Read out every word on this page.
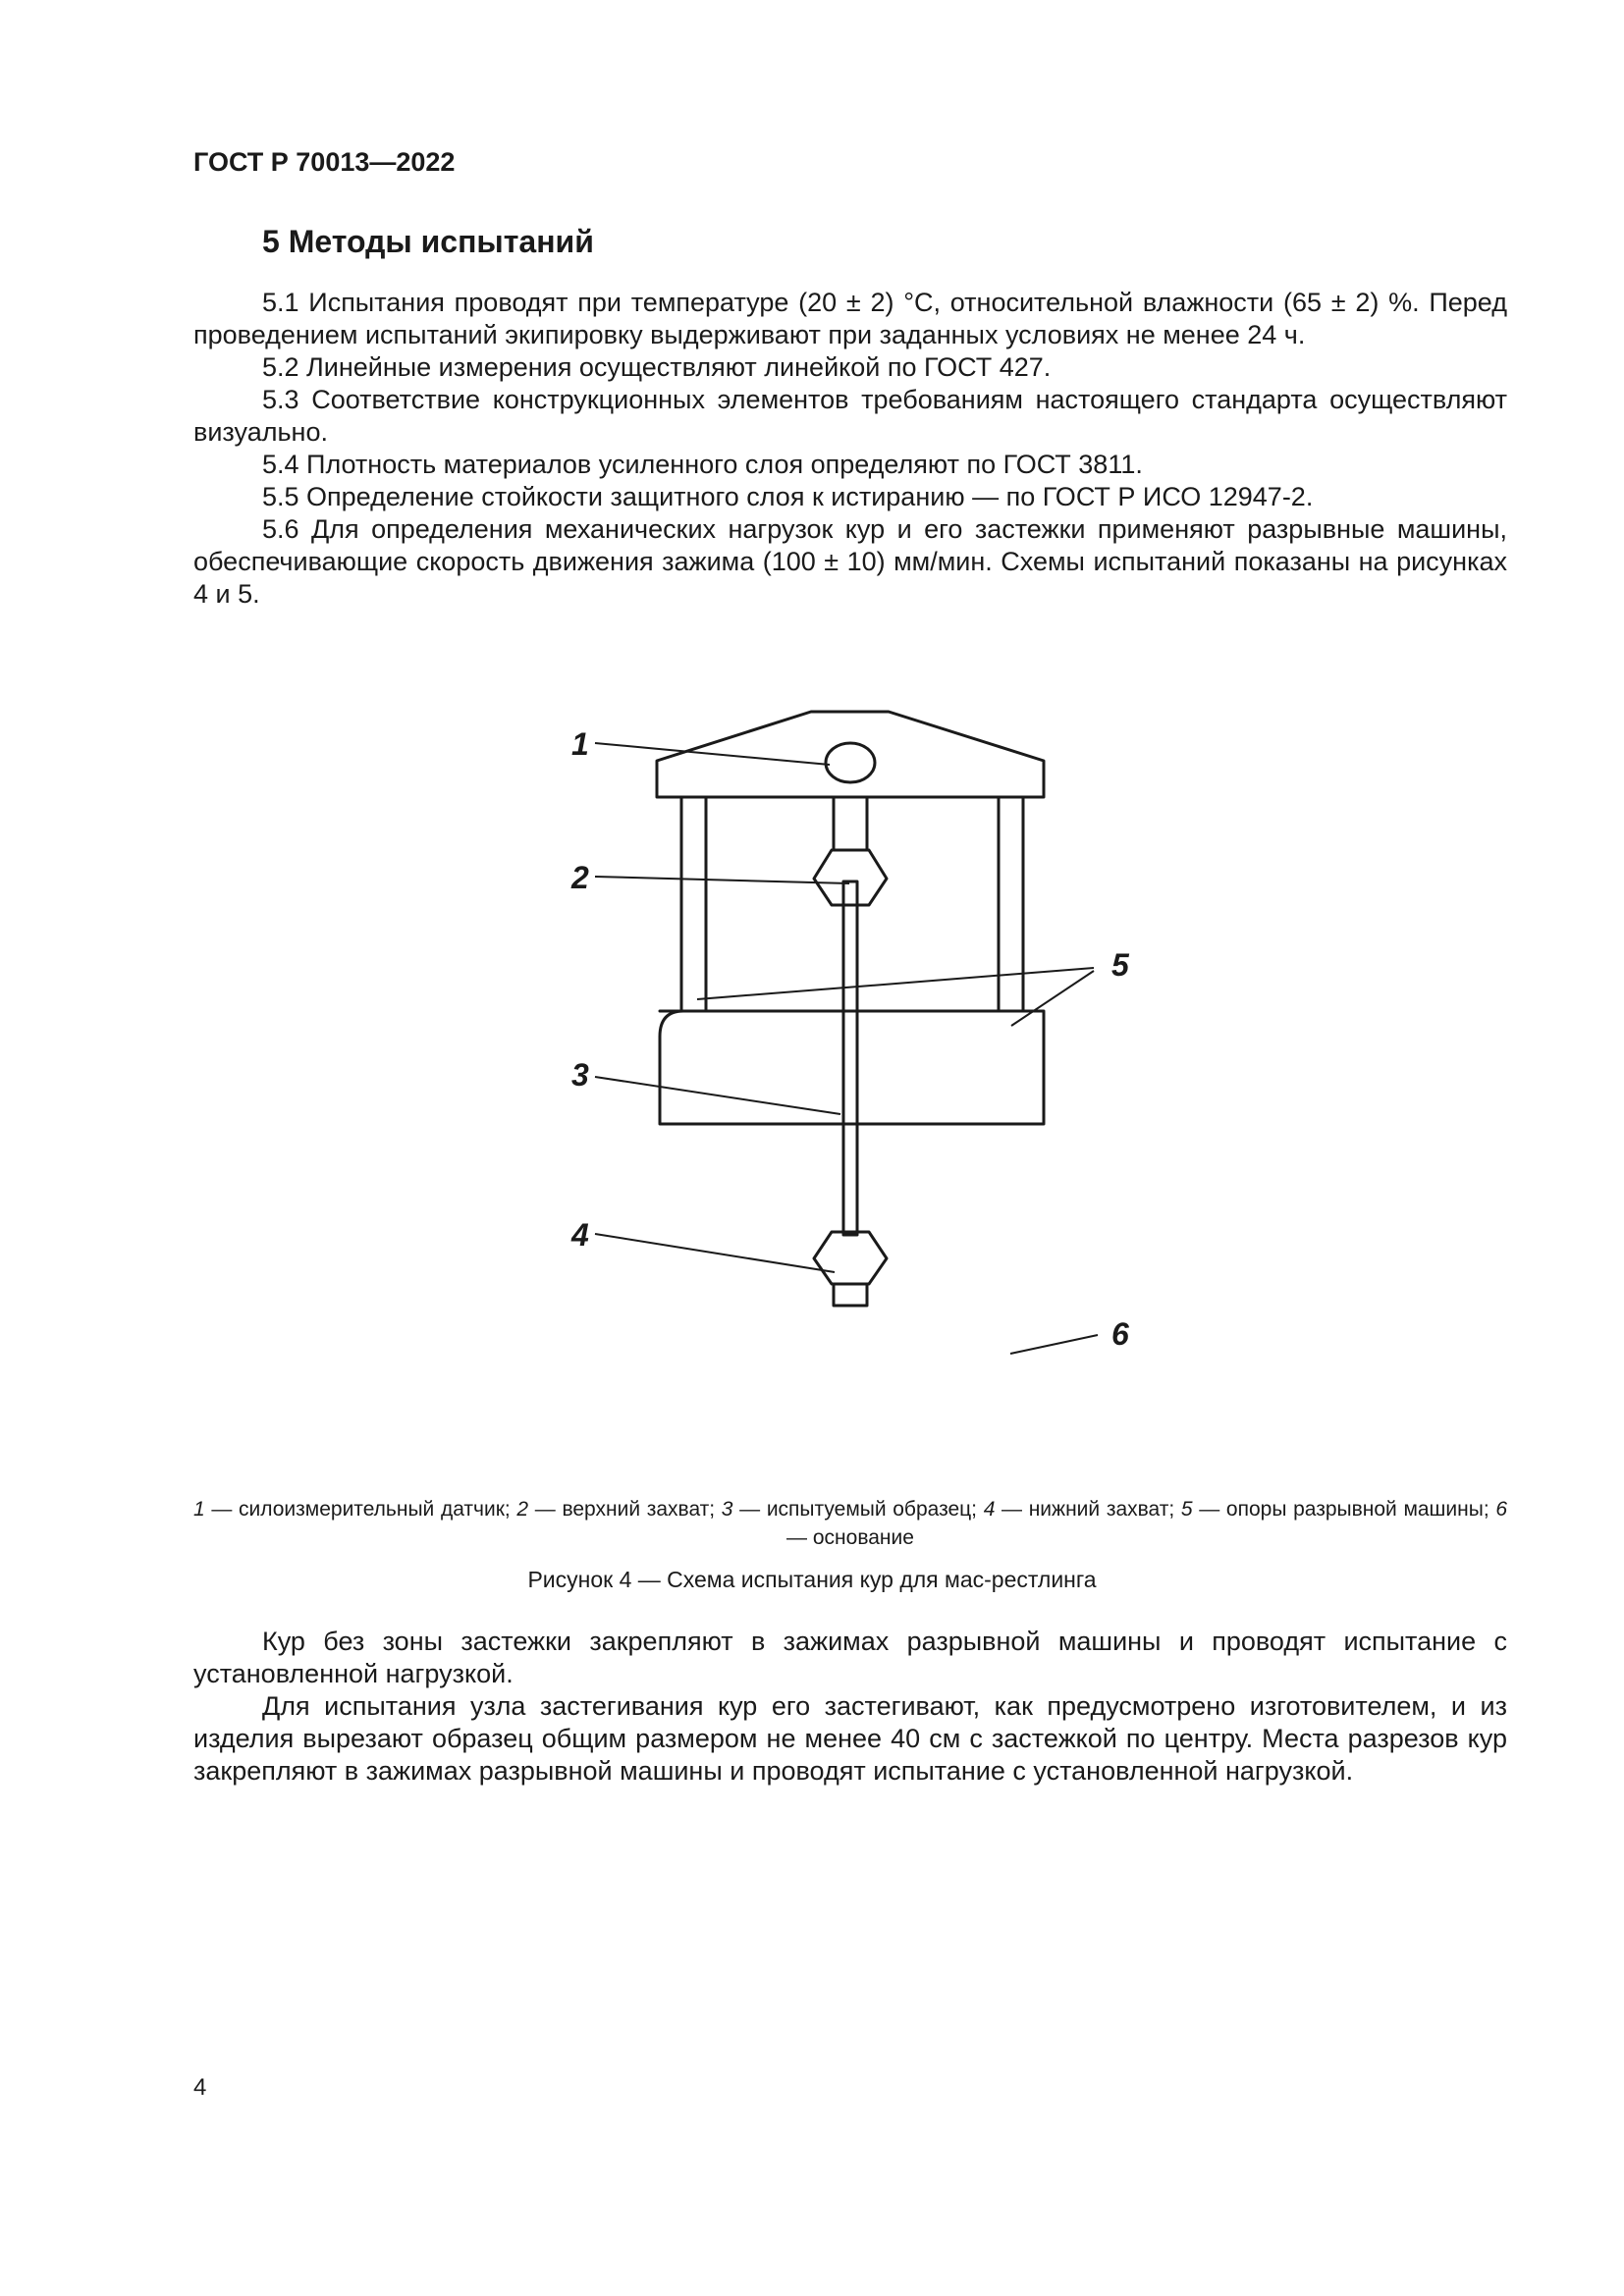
ГОСТ Р 70013—2022
5 Методы испытаний

5.1 Испытания проводят при температуре (20 ± 2) °С, относительной влажности (65 ± 2) %. Перед проведением испытаний экипировку выдерживают при заданных условиях не менее 24 ч.

5.2 Линейные измерения осуществляют линейкой по ГОСТ 427.

5.3 Соответствие конструкционных элементов требованиям настоящего стандарта осуществляют визуально.

5.4 Плотность материалов усиленного слоя определяют по ГОСТ 3811.

5.5 Определение стойкости защитного слоя к истиранию — по ГОСТ Р ИСО 12947-2.

5.6 Для определения механических нагрузок кур и его застежки применяют разрывные машины, обеспечивающие скорость движения зажима (100 ± 10) мм/мин. Схемы испытаний показаны на рисунках 4 и 5.

1
2
3
4
5
6
1 — силоизмерительный датчик; 2 — верхний захват; 3 — испытуемый образец; 4 — нижний захват; 5 — опоры разрывной машины; 6 — основание
Рисунок 4 — Схема испытания кур для мас-рестлинга

Кур без зоны застежки закрепляют в зажимах разрывной машины и проводят испытание с установленной нагрузкой.

Для испытания узла застегивания кур его застегивают, как предусмотрено изготовителем, и из изделия вырезают образец общим размером не менее 40 см с застежкой по центру. Места разрезов кур закрепляют в зажимах разрывной машины и проводят испытание с установленной нагрузкой.

4
